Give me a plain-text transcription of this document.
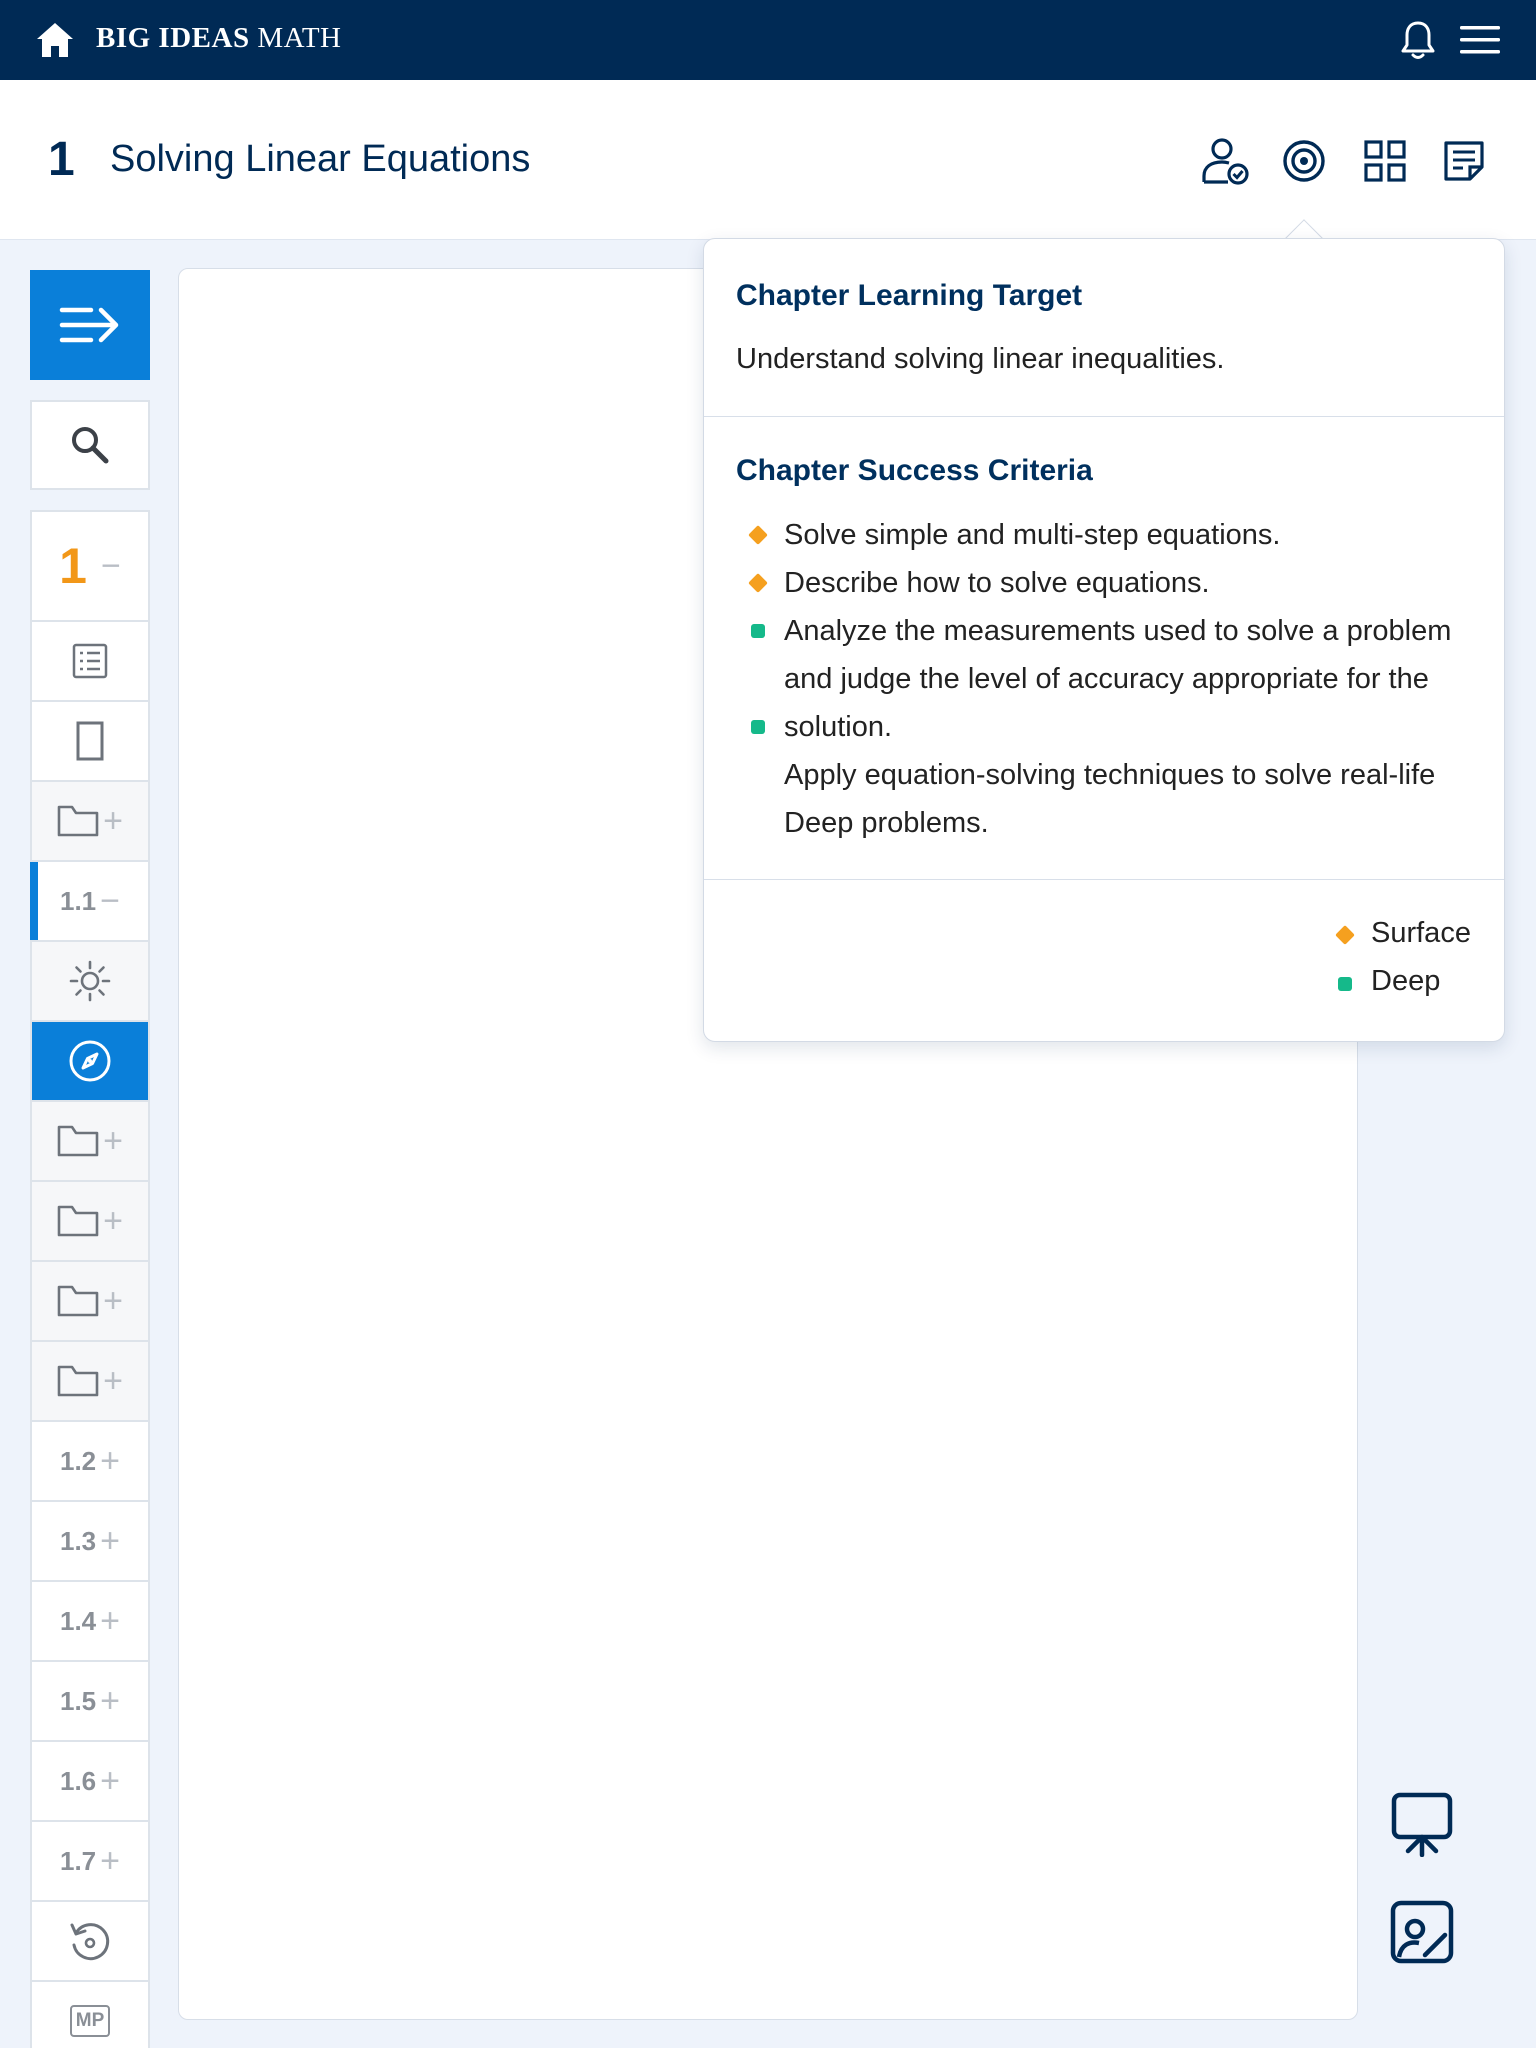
BIG IDEAS MATH
1 Solving Linear Equations
1 −
+
1.1 −
+
+
+
+
1.2 +
1.3 +
1.4 +
1.5 +
1.6 +
1.7 +
MP
Chapter Learning Target
Understand solving linear inequalities.
Chapter Success Criteria
Solve simple and multi-step equations.
Describe how to solve equations.
Analyze the measurements used to solve a problem
and judge the level of accuracy appropriate for the
solution.
Apply equation-solving techniques to solve real-life
Deep problems.
Surface
Deep
